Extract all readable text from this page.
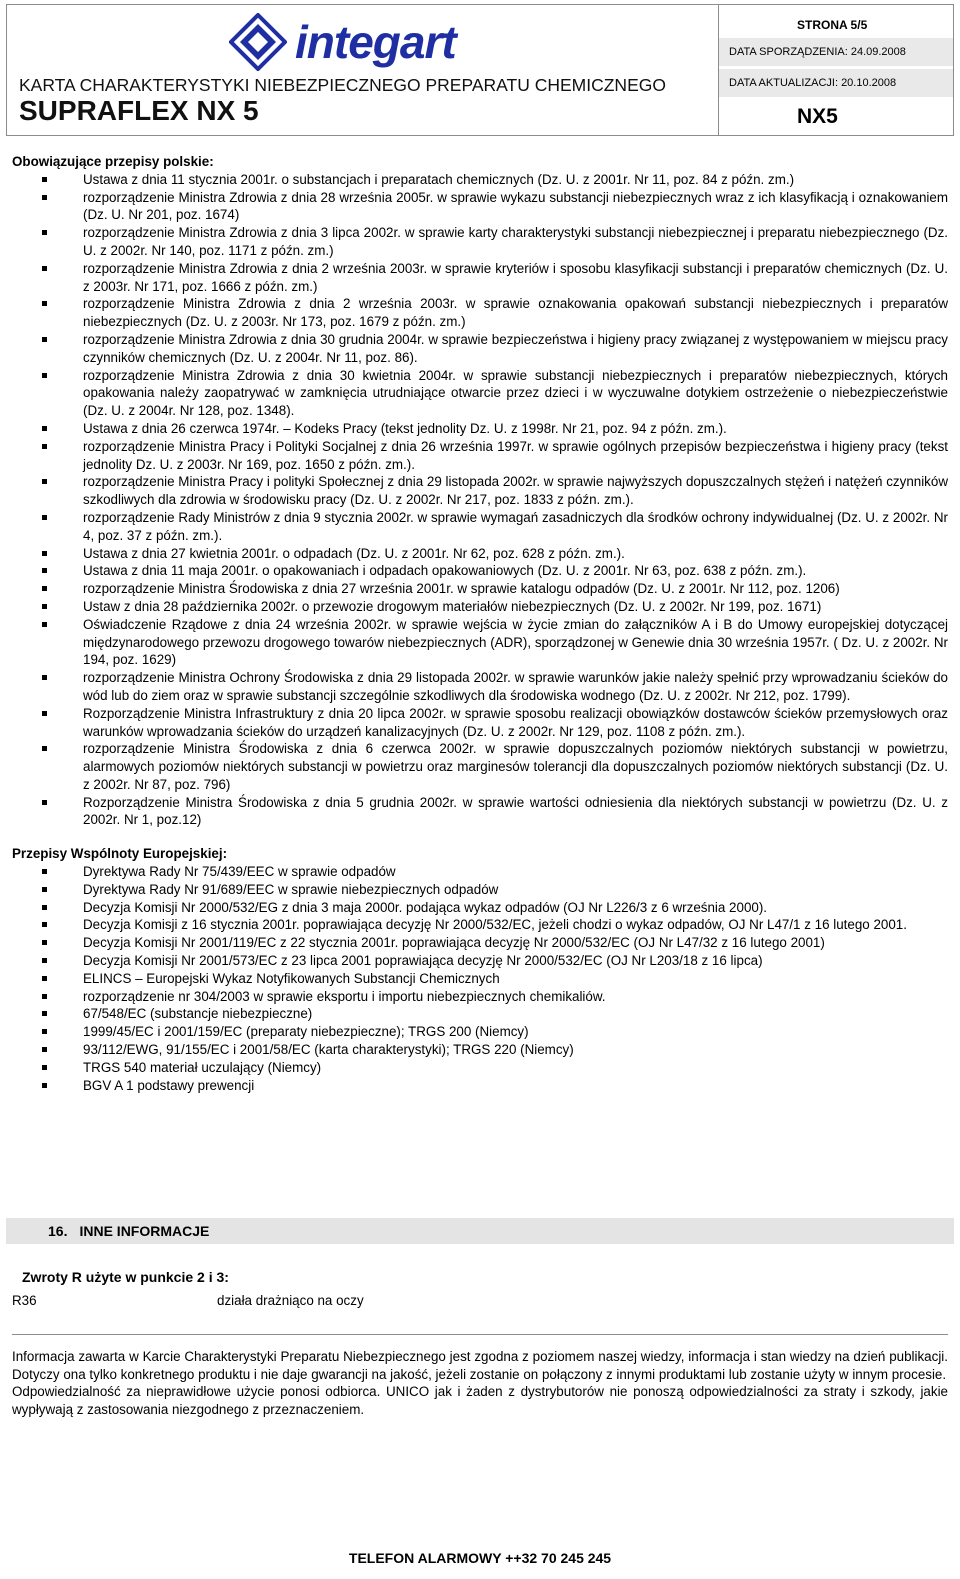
integart
KARTA CHARAKTERYSTYKI NIEBEZPIECZNEGO PREPARATU CHEMICZNEGO
SUPRAFLEX NX 5
STRONA 5/5
DATA SPORZĄDZENIA: 24.09.2008
DATA AKTUALIZACJI: 20.10.2008
NX5

Obowiązujące przepisy polskie:

Ustawa z dnia 11 stycznia 2001r. o substancjach i preparatach chemicznych (Dz. U. z 2001r. Nr 11, poz. 84 z późn. zm.)
rozporządzenie Ministra Zdrowia z dnia 28 września 2005r. w sprawie wykazu substancji niebezpiecznych wraz z ich klasyfikacją i oznakowaniem (Dz. U. Nr 201, poz. 1674)
rozporządzenie Ministra Zdrowia z dnia 3 lipca 2002r. w sprawie karty charakterystyki substancji niebezpiecznej i preparatu niebezpiecznego (Dz. U. z 2002r. Nr 140, poz. 1171 z późn. zm.)
rozporządzenie Ministra Zdrowia z dnia 2 września 2003r. w sprawie kryteriów i sposobu klasyfikacji substancji i preparatów chemicznych (Dz. U. z 2003r. Nr 171, poz. 1666 z późn. zm.)
rozporządzenie Ministra Zdrowia z dnia 2 września 2003r. w sprawie oznakowania opakowań substancji niebezpiecznych i preparatów niebezpiecznych (Dz. U. z 2003r. Nr 173, poz. 1679 z późn. zm.)
rozporządzenie Ministra Zdrowia z dnia 30 grudnia 2004r. w sprawie bezpieczeństwa i higieny pracy związanej z występowaniem w miejscu pracy czynników chemicznych (Dz. U. z 2004r. Nr 11, poz. 86).
rozporządzenie Ministra Zdrowia z dnia 30 kwietnia 2004r. w sprawie substancji niebezpiecznych i preparatów niebezpiecznych, których opakowania należy zaopatrywać w zamknięcia utrudniające otwarcie przez dzieci i w wyczuwalne dotykiem ostrzeżenie o niebezpieczeństwie (Dz. U. z 2004r. Nr 128, poz. 1348).
Ustawa z dnia 26 czerwca 1974r. – Kodeks Pracy (tekst jednolity Dz. U. z 1998r. Nr 21, poz. 94 z późn. zm.).
rozporządzenie Ministra Pracy i Polityki Socjalnej z dnia 26 września 1997r. w sprawie ogólnych przepisów bezpieczeństwa i higieny pracy (tekst jednolity Dz. U. z 2003r. Nr 169, poz. 1650 z późn. zm.).
rozporządzenie Ministra Pracy i polityki Społecznej z dnia 29 listopada 2002r. w sprawie najwyższych dopuszczalnych stężeń i natężeń czynników szkodliwych dla zdrowia w środowisku pracy (Dz. U. z 2002r. Nr 217, poz. 1833 z późn. zm.).
rozporządzenie Rady Ministrów z dnia 9 stycznia 2002r. w sprawie wymagań zasadniczych dla środków ochrony indywidualnej (Dz. U. z 2002r. Nr 4, poz. 37 z późn. zm.).
Ustawa z dnia 27 kwietnia 2001r. o odpadach (Dz. U. z 2001r. Nr 62, poz. 628 z późn. zm.).
Ustawa z dnia 11 maja 2001r. o opakowaniach i odpadach opakowaniowych (Dz. U. z 2001r. Nr 63, poz. 638 z późn. zm.).
rozporządzenie Ministra Środowiska z dnia 27 września 2001r. w sprawie katalogu odpadów (Dz. U. z 2001r. Nr 112, poz. 1206)
Ustaw z dnia 28 października 2002r. o przewozie drogowym materiałów niebezpiecznych (Dz. U. z 2002r. Nr 199, poz. 1671)
Oświadczenie Rządowe z dnia 24 września 2002r. w sprawie wejścia w życie zmian do załączników A i B do Umowy europejskiej dotyczącej międzynarodowego przewozu drogowego towarów niebezpiecznych (ADR), sporządzonej w Genewie dnia 30 września 1957r. ( Dz. U. z 2002r. Nr 194, poz. 1629)
rozporządzenie Ministra Ochrony Środowiska z dnia 29 listopada 2002r. w sprawie warunków jakie należy spełnić przy wprowadzaniu ścieków do wód lub do ziem oraz w sprawie substancji szczególnie szkodliwych dla środowiska wodnego (Dz. U. z 2002r. Nr 212, poz. 1799).
Rozporządzenie Ministra Infrastruktury z dnia 20 lipca 2002r. w sprawie sposobu realizacji obowiązków dostawców ścieków przemysłowych oraz warunków wprowadzania ścieków do urządzeń kanalizacyjnych (Dz. U. z 2002r. Nr 129, poz. 1108 z późn. zm.).
rozporządzenie Ministra Środowiska z dnia 6 czerwca 2002r. w sprawie dopuszczalnych poziomów niektórych substancji w powietrzu, alarmowych poziomów niektórych substancji w powietrzu oraz marginesów tolerancji dla dopuszczalnych poziomów niektórych substancji (Dz. U. z 2002r. Nr 87, poz. 796)
Rozporządzenie Ministra Środowiska z dnia 5 grudnia 2002r. w sprawie wartości odniesienia dla niektórych substancji w powietrzu (Dz. U. z 2002r. Nr 1, poz.12)

Przepisy Wspólnoty Europejskiej:

Dyrektywa Rady Nr 75/439/EEC w sprawie odpadów
Dyrektywa Rady Nr 91/689/EEC w sprawie niebezpiecznych odpadów
Decyzja Komisji Nr 2000/532/EG z dnia 3 maja 2000r. podająca wykaz odpadów (OJ Nr L226/3 z 6 września 2000).
Decyzja Komisji z 16 stycznia 2001r. poprawiająca decyzję Nr 2000/532/EC, jeżeli chodzi o wykaz odpadów, OJ Nr L47/1 z 16 lutego 2001.
Decyzja Komisji Nr 2001/119/EC z 22 stycznia 2001r. poprawiająca decyzję Nr 2000/532/EC (OJ Nr L47/32 z 16 lutego 2001)
Decyzja Komisji Nr 2001/573/EC z 23 lipca 2001 poprawiająca decyzję Nr 2000/532/EC (OJ Nr L203/18 z 16 lipca)
ELINCS – Europejski Wykaz Notyfikowanych Substancji Chemicznych
rozporządzenie nr 304/2003 w sprawie eksportu i importu niebezpiecznych chemikaliów.
67/548/EC (substancje niebezpieczne)
1999/45/EC i 2001/159/EC (preparaty niebezpieczne); TRGS 200 (Niemcy)
93/112/EWG, 91/155/EC i 2001/58/EC (karta charakterystyki); TRGS 220 (Niemcy)
TRGS 540 materiał uczulający (Niemcy)
BGV A 1 podstawy prewencji
16. INNE INFORMACJE
Zwroty R użyte w punkcie 2 i 3:
R36	działa drażniąco na oczy
Informacja zawarta w Karcie Charakterystyki Preparatu Niebezpiecznego jest zgodna z poziomem naszej wiedzy, informacja i stan wiedzy na dzień publikacji. Dotyczy ona tylko konkretnego produktu i nie daje gwarancji na jakość, jeżeli zostanie on połączony z innymi produktami lub zostanie użyty w innym procesie.
Odpowiedzialność za nieprawidłowe użycie ponosi odbiorca. UNICO jak i żaden z dystrybutorów nie ponoszą odpowiedzialności za straty i szkody, jakie wypływają z zastosowania niezgodnego z przeznaczeniem.
TELEFON ALARMOWY ++32 70 245 245
